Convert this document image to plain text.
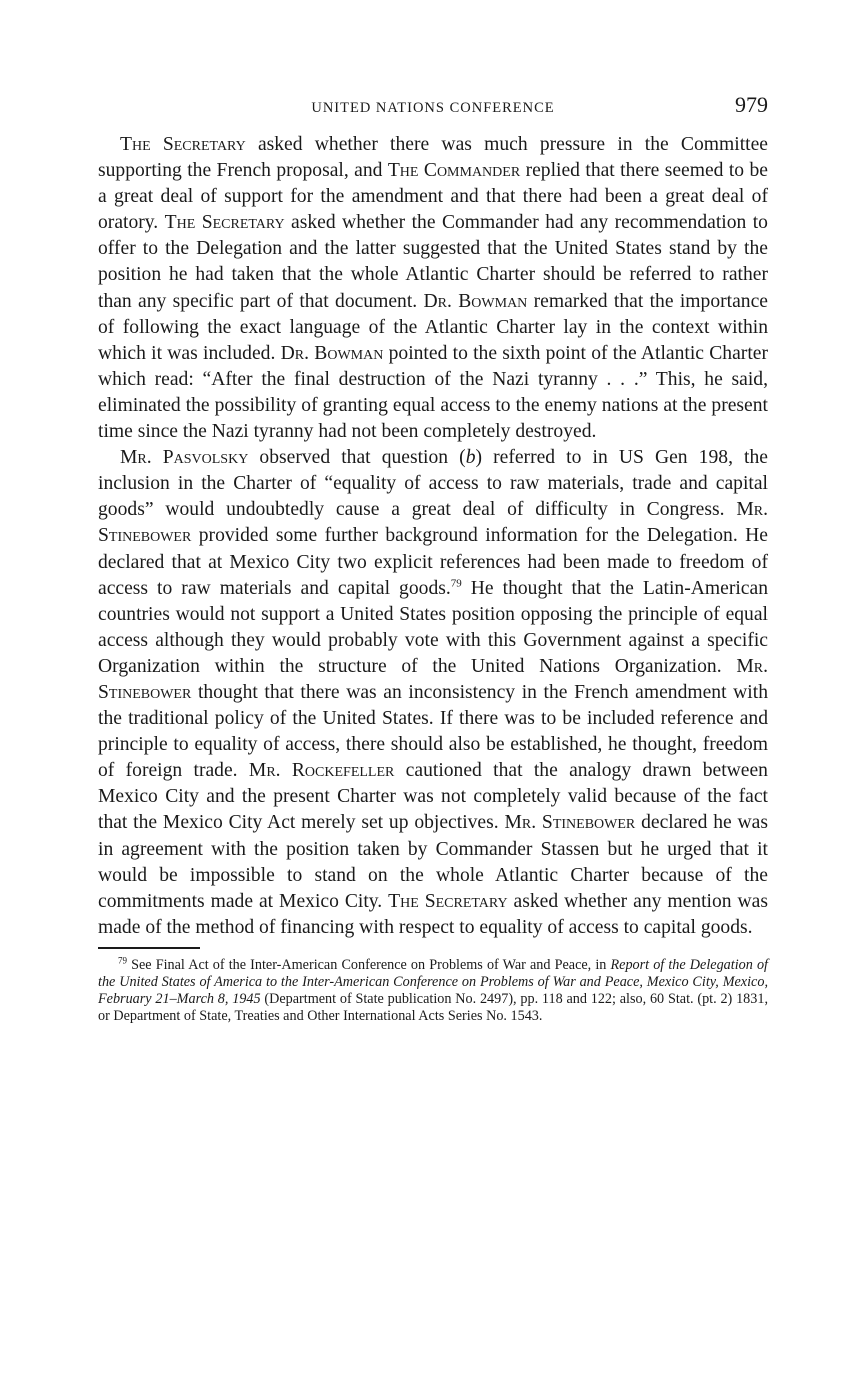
UNITED NATIONS CONFERENCE	979

The Secretary asked whether there was much pressure in the Committee supporting the French proposal, and The Commander replied that there seemed to be a great deal of support for the amendment and that there had been a great deal of oratory. The Secretary asked whether the Commander had any recommendation to offer to the Delegation and the latter suggested that the United States stand by the position he had taken that the whole Atlantic Charter should be referred to rather than any specific part of that document. Dr. Bowman remarked that the importance of following the exact language of the Atlantic Charter lay in the context within which it was included. Dr. Bowman pointed to the sixth point of the Atlantic Charter which read: “After the final destruction of the Nazi tyranny . . .” This, he said, eliminated the possibility of granting equal access to the enemy nations at the present time since the Nazi tyranny had not been completely destroyed.

Mr. Pasvolsky observed that question (b) referred to in US Gen 198, the inclusion in the Charter of “equality of access to raw materials, trade and capital goods” would undoubtedly cause a great deal of difficulty in Congress. Mr. Stinebower provided some further background information for the Delegation. He declared that at Mexico City two explicit references had been made to freedom of access to raw materials and capital goods.$^{79}$ He thought that the Latin-American countries would not support a United States position opposing the principle of equal access although they would probably vote with this Government against a specific Organization within the structure of the United Nations Organization. Mr. Stinebower thought that there was an inconsistency in the French amendment with the traditional policy of the United States. If there was to be included reference and principle to equality of access, there should also be established, he thought, freedom of foreign trade. Mr. Rockefeller cautioned that the analogy drawn between Mexico City and the present Charter was not completely valid because of the fact that the Mexico City Act merely set up objectives. Mr. Stinebower declared he was in agreement with the position taken by Commander Stassen but he urged that it would be impossible to stand on the whole Atlantic Charter because of the commitments made at Mexico City. The Secretary asked whether any mention was made of the method of financing with respect to equality of access to capital goods.

$^{79}$ See Final Act of the Inter-American Conference on Problems of War and Peace, in Report of the Delegation of the United States of America to the Inter-American Conference on Problems of War and Peace, Mexico City, Mexico, February 21–March 8, 1945 (Department of State publication No. 2497), pp. 118 and 122; also, 60 Stat. (pt. 2) 1831, or Department of State, Treaties and Other International Acts Series No. 1543.
